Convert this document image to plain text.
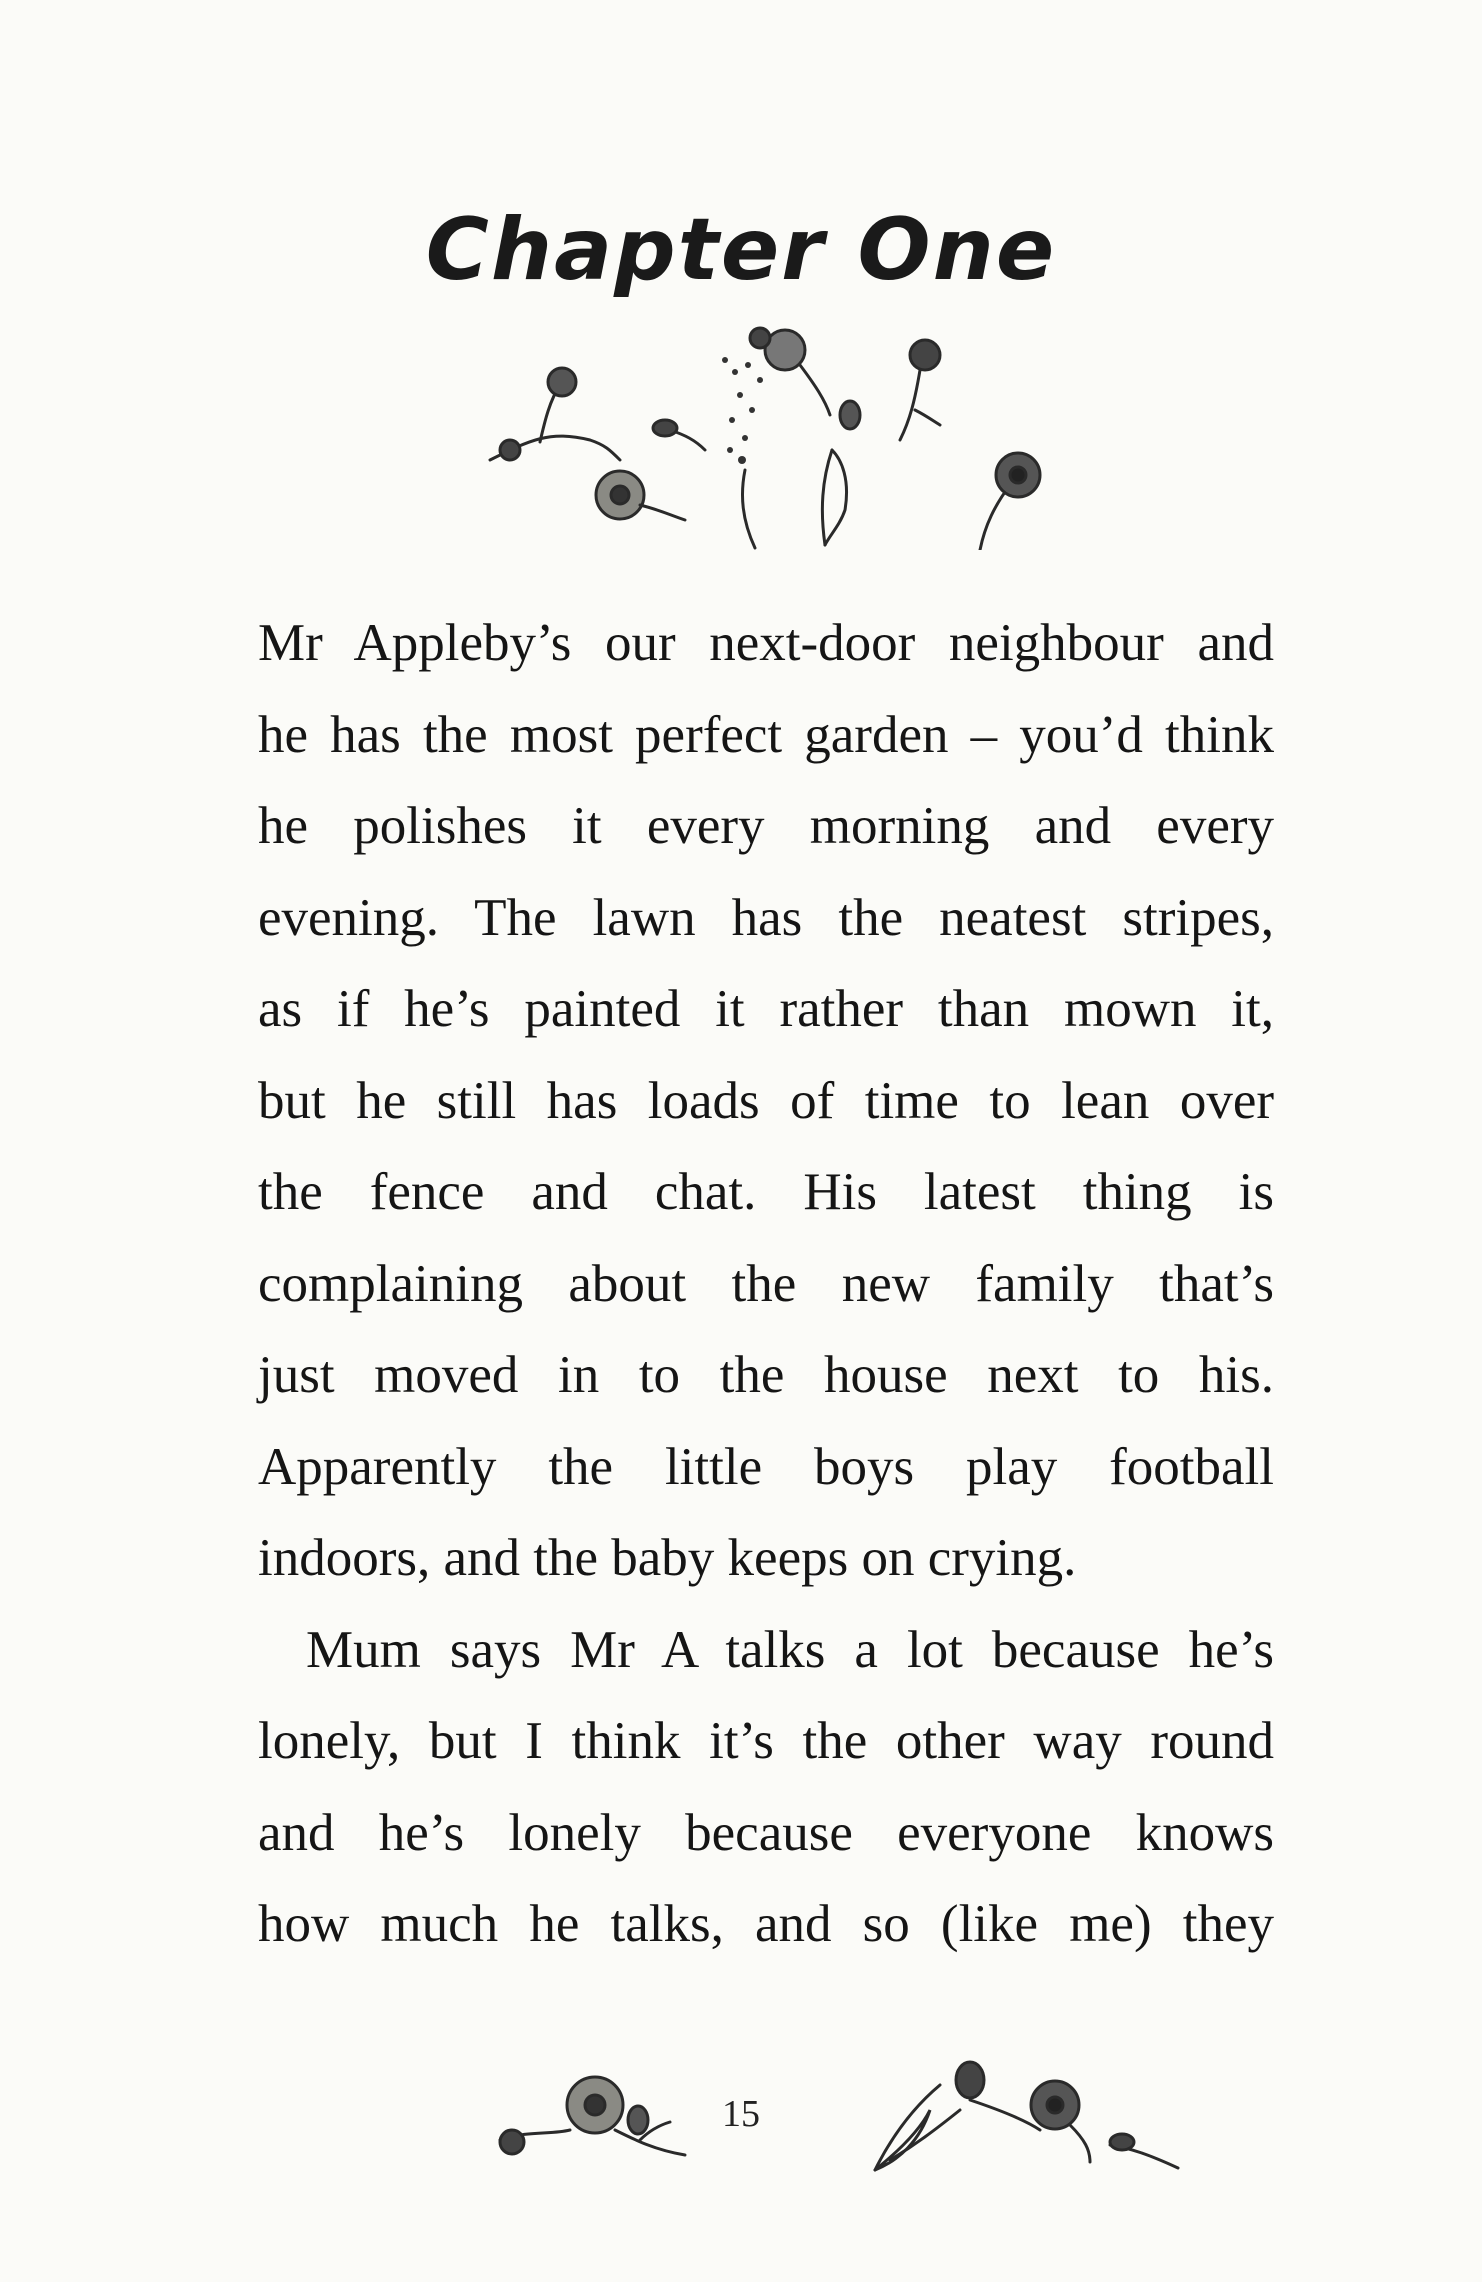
Chapter One

Mr Appleby’s our next-door neighbour and
he has the most perfect garden – you’d think
he polishes it every morning and every
evening. The lawn has the neatest stripes,
as if he’s painted it rather than mown it,
but he still has loads of time to lean over
the fence and chat. His latest thing is
complaining about the new family that’s
just moved in to the house next to his.
Apparently the little boys play football
indoors, and the baby keeps on crying.

Mum says Mr A talks a lot because he’s
lonely, but I think it’s the other way round
and he’s lonely because everyone knows
how much he talks, and so (like me) they

15
